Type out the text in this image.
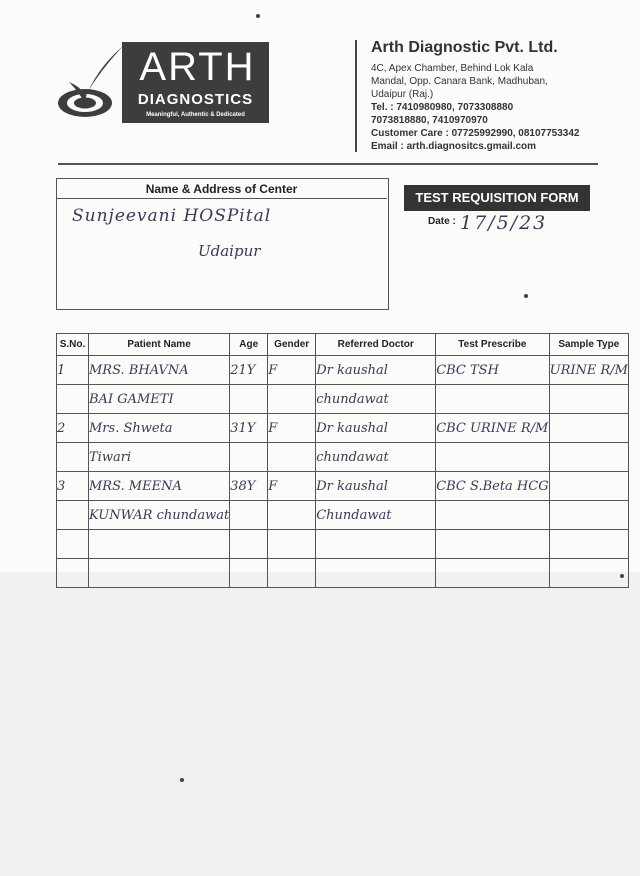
ARTH
DIAGNOSTICS
Meaningful, Authentic & Dedicated
Arth Diagnostic Pvt. Ltd.
4C, Apex Chamber, Behind Lok Kala
Mandal, Opp. Canara Bank, Madhuban,
Udaipur (Raj.)
Tel. : 7410980980, 7073308880
7073818880, 7410970970
Customer Care : 07725992990, 08107753342
Email : arth.diagnositcs.gmail.com
Name & Address of Center
Sunjeevani HOSPital
Udaipur
TEST REQUISITION FORM
Date : 17/5/23
S.No.	Patient Name	Age	Gender	Referred Doctor	Test Prescribe	Sample Type
1	MRS. BHAVNA	21Y	F	Dr kaushal	CBC TSH	URINE R/M
	BAI GAMETI			chundawat		
2	Mrs. Shweta	31Y	F	Dr kaushal	CBC URINE R/M	
	Tiwari			chundawat		
3	MRS. MEENA	38Y	F	Dr kaushal	CBC S.Beta HCG	
	KUNWAR chundawat			Chundawat		
